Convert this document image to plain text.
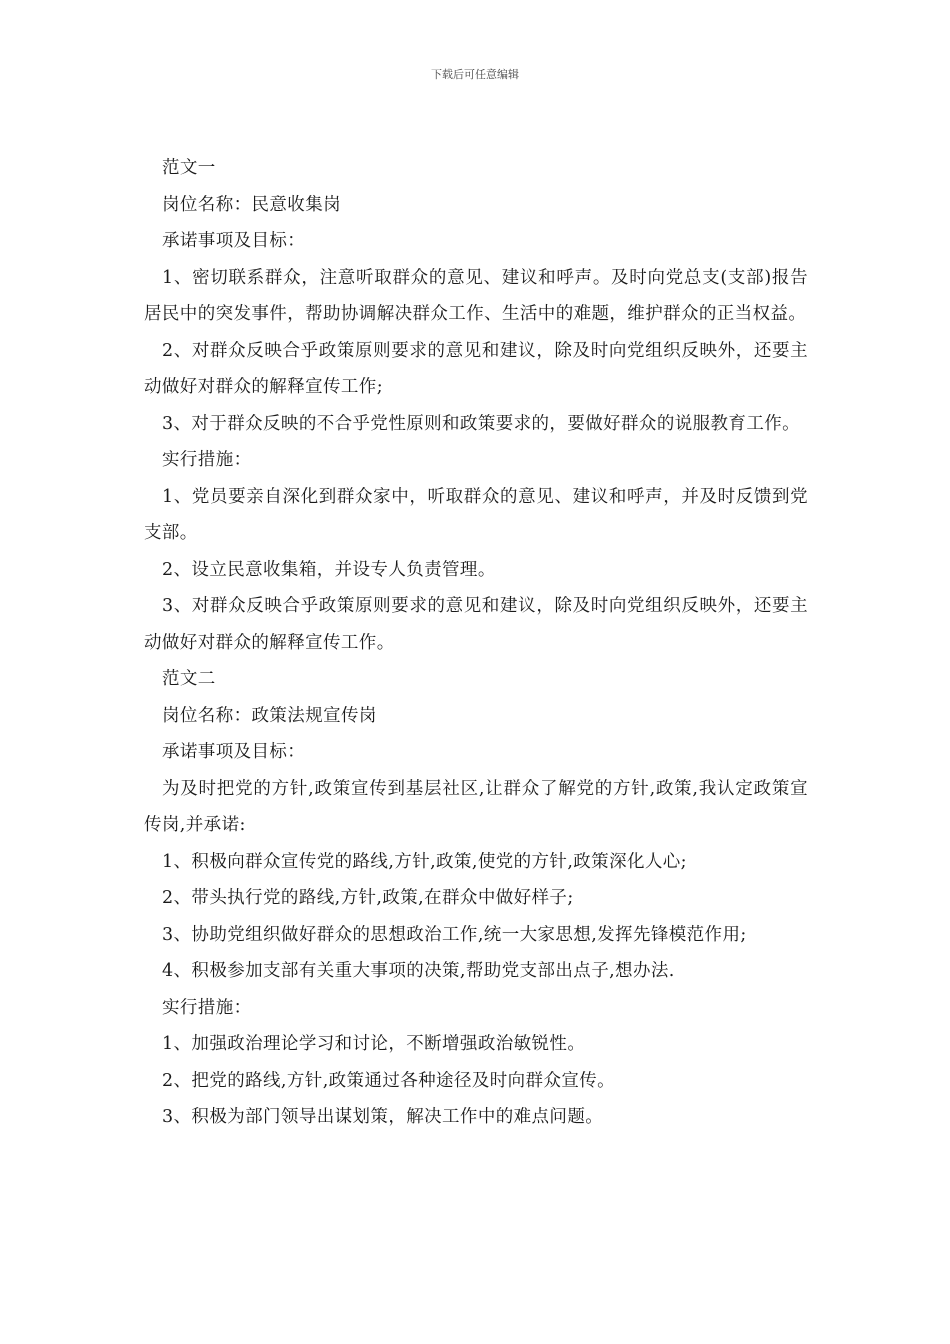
下载后可任意编辑

范文一

岗位名称：民意收集岗

承诺事项及目标：

1、密切联系群众，注意听取群众的意见、建议和呼声。及时向党总支(支部)报告居民中的突发事件，帮助协调解决群众工作、生活中的难题，维护群众的正当权益。

2、对群众反映合乎政策原则要求的意见和建议，除及时向党组织反映外，还要主动做好对群众的解释宣传工作;

3、对于群众反映的不合乎党性原则和政策要求的，要做好群众的说服教育工作。

实行措施：

1、党员要亲自深化到群众家中，听取群众的意见、建议和呼声，并及时反馈到党支部。

2、设立民意收集箱，并设专人负责管理。

3、对群众反映合乎政策原则要求的意见和建议，除及时向党组织反映外，还要主动做好对群众的解释宣传工作。

范文二

岗位名称：政策法规宣传岗

承诺事项及目标：

为及时把党的方针,政策宣传到基层社区,让群众了解党的方针,政策,我认定政策宣传岗,并承诺:

1、积极向群众宣传党的路线,方针,政策,使党的方针,政策深化人心;

2、带头执行党的路线,方针,政策,在群众中做好样子;

3、协助党组织做好群众的思想政治工作,统一大家思想,发挥先锋模范作用;

4、积极参加支部有关重大事项的决策,帮助党支部出点子,想办法.

实行措施：

1、加强政治理论学习和讨论，不断增强政治敏锐性。

2、把党的路线,方针,政策通过各种途径及时向群众宣传。

3、积极为部门领导出谋划策，解决工作中的难点问题。
